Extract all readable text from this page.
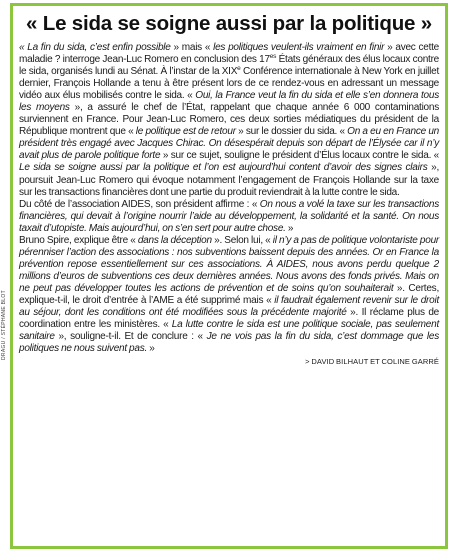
DRAGU / STÉPHANE BLOT
« Le sida se soigne aussi par la politique »

« La fin du sida, c’est enfin possible » mais « les politiques veulent-ils vraiment en finir » avec cette maladie ? interroge Jean-Luc Romero en conclusion des $17^{es}$ États généraux des élus locaux contre le sida, organisés lundi au Sénat. À l’instar de la XIXe Conférence internationale à New York en juillet dernier, François Hollande a tenu à être présent lors de ce rendez-vous en adressant un message vidéo aux élus mobilisés contre le sida. « Oui, la France veut la fin du sida et elle s’en donnera tous les moyens », a assuré le chef de l’État, rappelant que chaque année 6 000 contaminations surviennent en France. Pour Jean-Luc Romero, ces deux sorties médiatiques du président de la République montrent que « le politique est de retour » sur le dossier du sida. « On a eu en France un président très engagé avec Jacques Chirac. On désespérait depuis son départ de l’Élysée car il n’y avait plus de parole politique forte » sur ce sujet, souligne le président d’Élus locaux contre le sida. « Le sida se soigne aussi par la politique et l’on est aujourd’hui content d’avoir des signes clairs », poursuit Jean-Luc Romero qui évoque notamment l’engagement de François Hollande sur la taxe sur les transactions financières dont une partie du produit reviendrait à la lutte contre le sida.

Du côté de l’association AIDES, son président affirme : « On nous a volé la taxe sur les transactions financières, qui devait à l’origine nourrir l’aide au développement, la solidarité et la santé. On nous taxait d’utopiste. Mais aujourd’hui, on s’en sert pour autre chose. »

Bruno Spire, explique être « dans la déception ». Selon lui, « il n’y a pas de politique volontariste pour pérenniser l’action des associations : nos subventions baissent depuis des années. Or en France la prévention repose essentiellement sur ces associations. À AIDES, nous avons perdu quelque 2 millions d’euros de subventions ces deux dernières années. Nous avons des fonds privés. Mais on ne peut pas développer toutes les actions de prévention et de soins qu’on souhaiterait ». Certes, explique-t-il, le droit d’entrée à l’AME a été supprimé mais « il faudrait également revenir sur le droit au séjour, dont les conditions ont été modifiées sous la précédente majorité ». Il réclame plus de coordination entre les ministères. « La lutte contre le sida est une politique sociale, pas seulement sanitaire », souligne-t-il. Et de conclure : « Je ne vois pas la fin du sida, c’est dommage que les politiques ne nous suivent pas. »

> DAVID BILHAUT ET COLINE GARRÉ
